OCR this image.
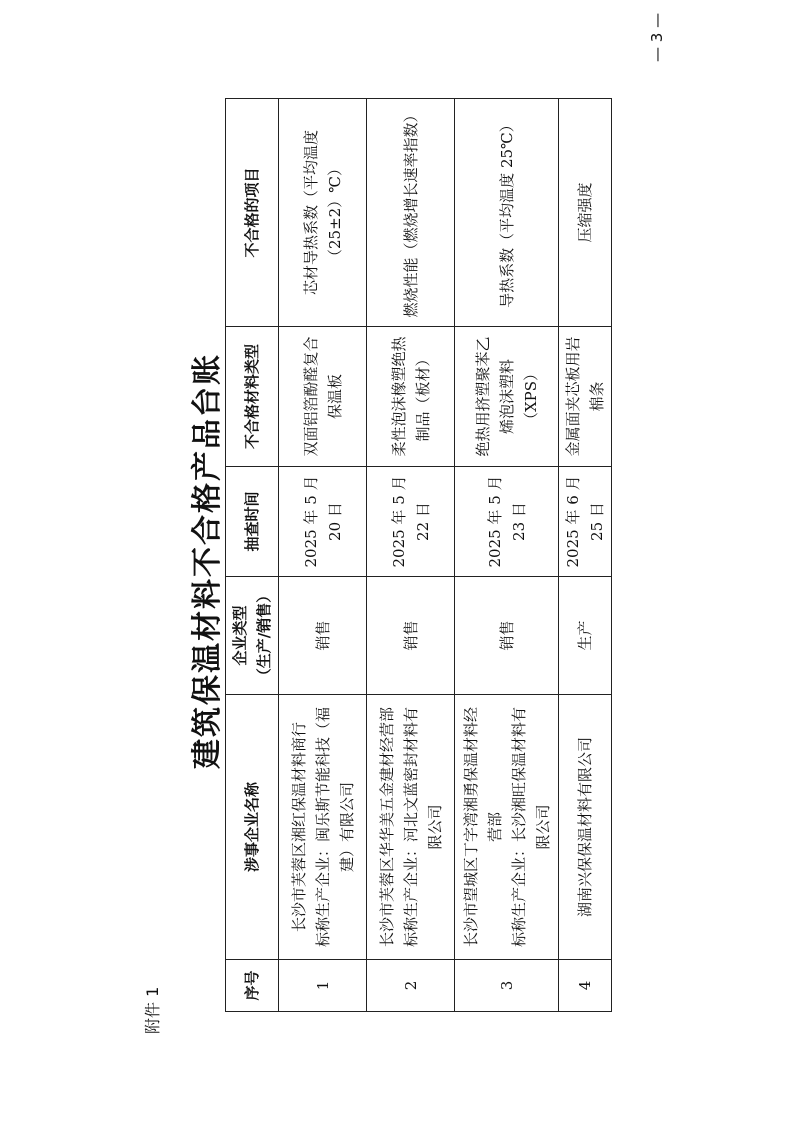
附件 1
建筑保温材料不合格产品台账
序号	涉事企业名称	企业类型 （生产/销售）	抽查时间	不合格材料类型	不合格的项目
1	长沙市芙蓉区湘红保温材料商行 标称生产企业：闽乐斯节能科技（福建）有限公司	销售	2025 年 5 月 20 日	双面铝箔酚醛复合保温板	芯材导热系数（平均温度（25±2）℃）
2	长沙市芙蓉区华华美五金建材经营部 标称生产企业：河北文蓝密封材料有限公司	销售	2025 年 5 月 22 日	柔性泡沫橡塑绝热制品（板材）	燃烧性能（燃烧增长速率指数）
3	长沙市望城区丁字湾湘勇保温材料经营部 标称生产企业：长沙湘旺保温材料有限公司	销售	2025 年 5 月 23 日	绝热用挤塑聚苯乙烯泡沫塑料（XPS）	导热系数（平均温度 25℃）
4	湖南兴保保温材料有限公司	生产	2025 年 6 月 25 日	金属面夹芯板用岩棉条	压缩强度
— 3 —
